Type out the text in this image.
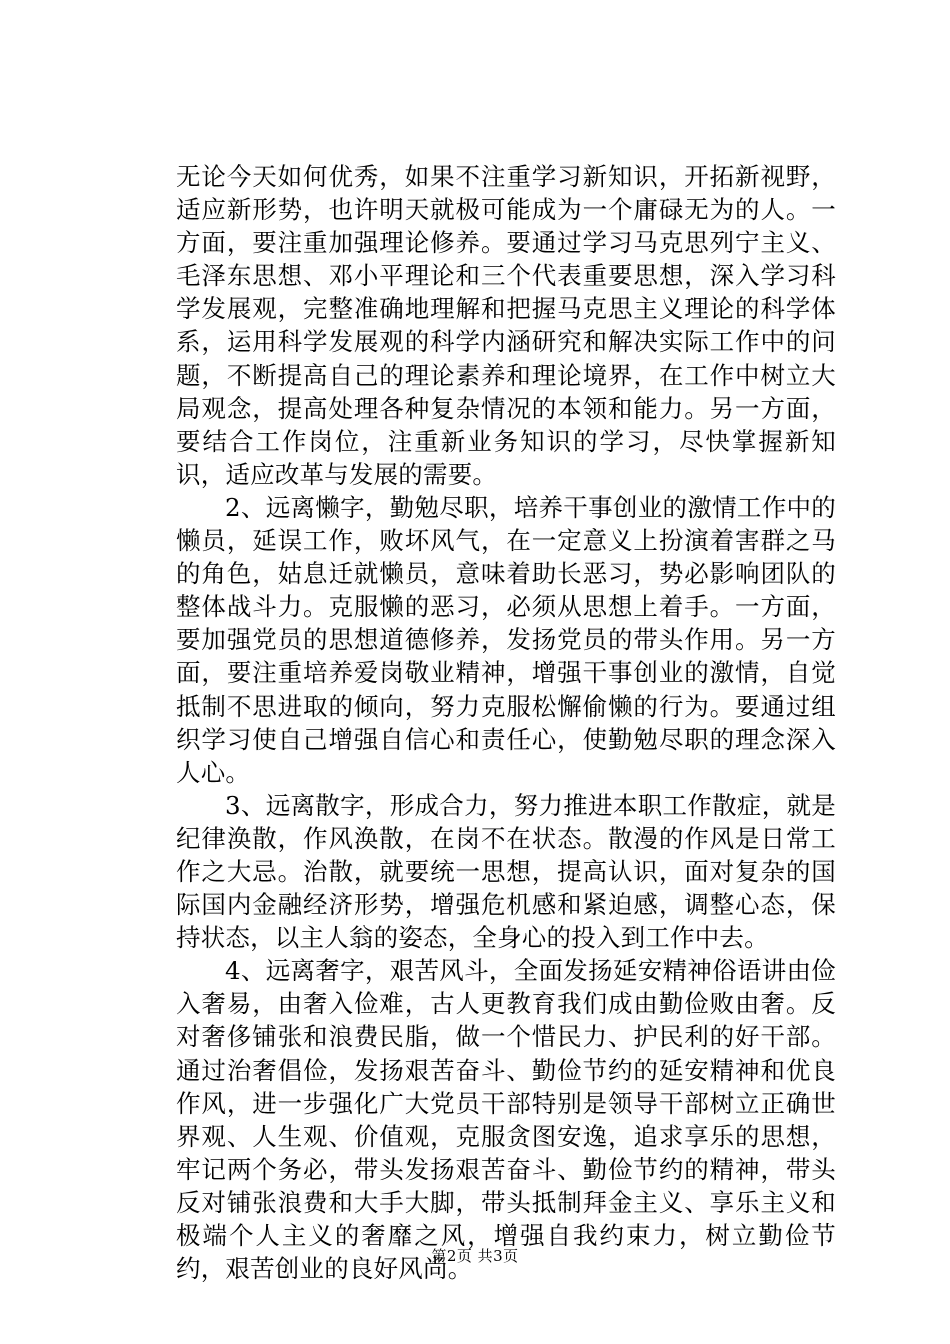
无论今天如何优秀，如果不注重学习新知识，开拓新视野，适应新形势，也许明天就极可能成为一个庸碌无为的人。一方面，要注重加强理论修养。要通过学习马克思列宁主义、毛泽东思想、邓小平理论和三个代表重要思想，深入学习科学发展观，完整准确地理解和把握马克思主义理论的科学体系，运用科学发展观的科学内涵研究和解决实际工作中的问题，不断提高自己的理论素养和理论境界，在工作中树立大局观念，提高处理各种复杂情况的本领和能力。另一方面，要结合工作岗位，注重新业务知识的学习，尽快掌握新知识，适应改革与发展的需要。

2、远离懒字，勤勉尽职，培养干事创业的激情工作中的懒员，延误工作，败坏风气，在一定意义上扮演着害群之马的角色，姑息迁就懒员，意味着助长恶习，势必影响团队的整体战斗力。克服懒的恶习，必须从思想上着手。一方面，要加强党员的思想道德修养，发扬党员的带头作用。另一方面，要注重培养爱岗敬业精神，增强干事创业的激情，自觉抵制不思进取的倾向，努力克服松懈偷懒的行为。要通过组织学习使自己增强自信心和责任心，使勤勉尽职的理念深入人心。

3、远离散字，形成合力，努力推进本职工作散症，就是纪律涣散，作风涣散，在岗不在状态。散漫的作风是日常工作之大忌。治散，就要统一思想，提高认识，面对复杂的国际国内金融经济形势，增强危机感和紧迫感，调整心态，保持状态，以主人翁的姿态，全身心的投入到工作中去。

4、远离奢字，艰苦风斗，全面发扬延安精神俗语讲由俭入奢易，由奢入俭难，古人更教育我们成由勤俭败由奢。反对奢侈铺张和浪费民脂，做一个惜民力、护民利的好干部。通过治奢倡俭，发扬艰苦奋斗、勤俭节约的延安精神和优良作风，进一步强化广大党员干部特别是领导干部树立正确世界观、人生观、价值观，克服贪图安逸，追求享乐的思想，牢记两个务必，带头发扬艰苦奋斗、勤俭节约的精神，带头反对铺张浪费和大手大脚，带头抵制拜金主义、享乐主义和极端个人主义的奢靡之风，增强自我约束力，树立勤俭节约，艰苦创业的良好风尚。

第2页 共3页
